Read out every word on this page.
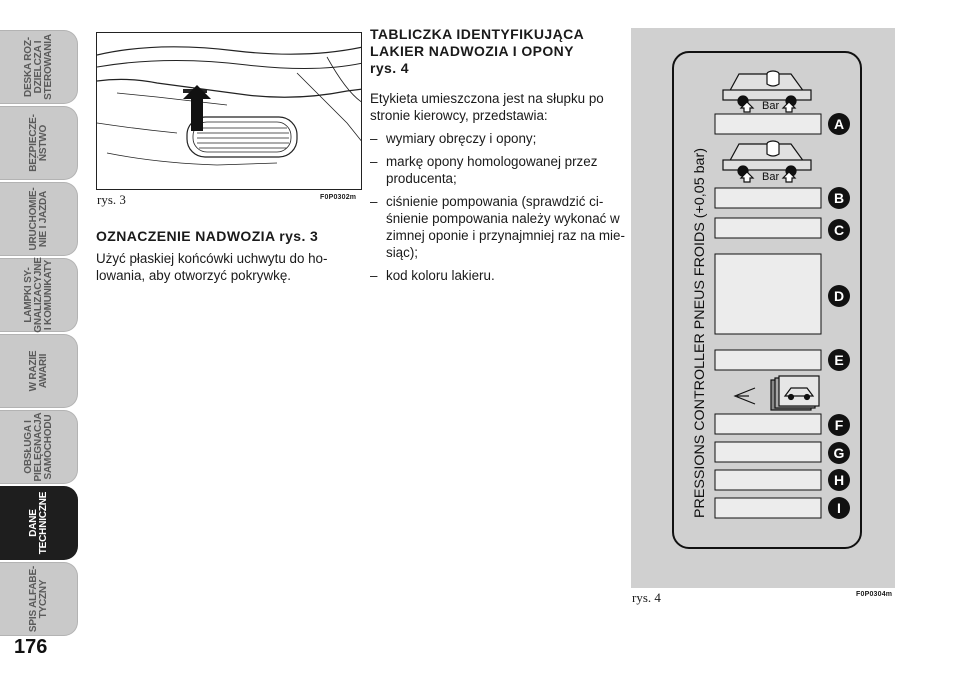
DESKA ROZ-
DZIELCZA I
STEROWANIA
BEZPIECZE-
ŃSTWO
URUCHOMIE-
NIE I JAZDA
LAMPKI SY-
GNALIZACYJNE
I KOMUNIKATY
W RAZIE
AWARII
OBSŁUGA I
PIELĘGNACJA
SAMOCHODU
DANE
TECHNICZNE
SPIS ALFABE-
TYCZNY
176
rys. 3	F0P0302m
OZNACZENIE NADWOZIA rys. 3
Użyć płaskiej końcówki uchwytu do ho-lowania, aby otworzyć pokrywkę.
TABLICZKA IDENTYFIKUJĄCA
LAKIER NADWOZIA I OPONY
rys. 4
Etykieta umieszczona jest na słupku po stronie kierowcy, przedstawia:
– wymiary obręczy i opony;
– markę opony homologowanej przez producenta;
– ciśnienie pompowania (sprawdzić ci-śnienie pompowania należy wykonać w zimnej oponie i przynajmniej raz na mie-siąc);
– kod koloru lakieru.	PRESSIONS CONTROLLER PNEUS FROIDS (+0,05 bar)
Bar
Bar
A
B
C
D
E
F
G
H
I
rys. 4	F0P0304m
